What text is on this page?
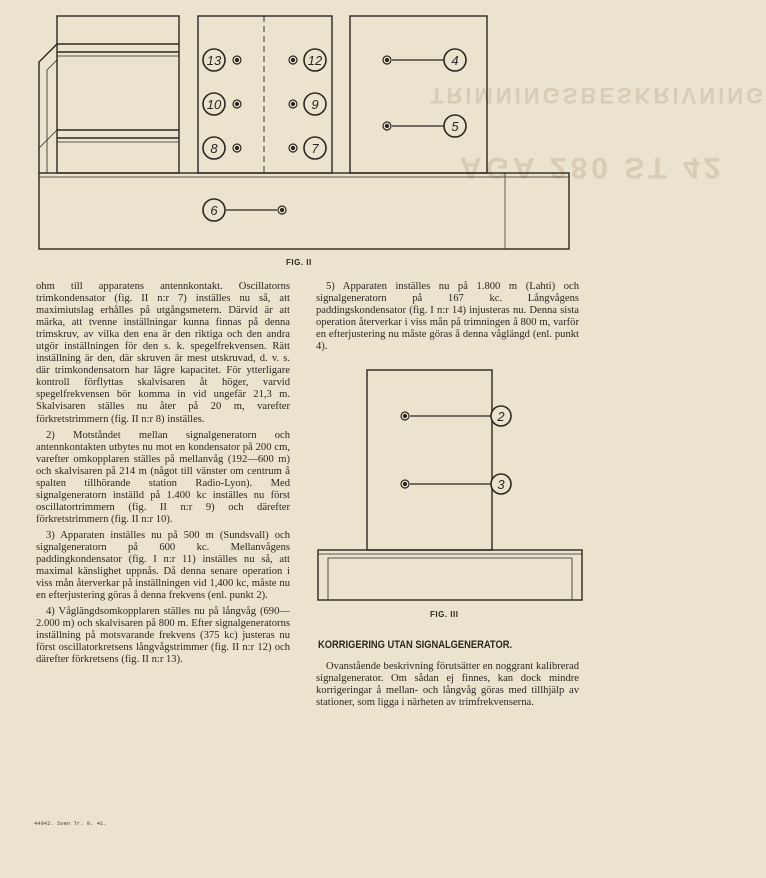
TRIMNINGSBESKRIVNING
AGA 280 ST 42
13	12	4
10	9
5
8	7
6
FIG. II

ohm till apparatens antennkontakt. Oscillatorns trimkondensator (fig. II n:r 7) inställes nu så, att maximiutslag erhålles på utgångsmetern. Därvid är att märka, att tvenne inställningar kunna finnas på denna trimskruv, av vilka den ena är den riktiga och den andra utgör inställningen för den s. k. spegelfrekvensen. Rätt inställning är den, där skruven är mest utskruvad, d. v. s. där trimkondensatorn har lägre kapacitet. För ytterligare kontroll förflyttas skalvisaren åt höger, varvid spegelfrekvensen bör komma in vid ungefär 21,3 m. Skalvisaren ställes nu åter på 20 m, varefter förkretstrimmern (fig. II n:r 8) inställes.

2) Motståndet mellan signalgeneratorn och antennkontakten utbytes nu mot en kondensator på 200 cm, varefter omkopplaren ställes på mellanvåg (192—600 m) och skalvisaren på 214 m (något till vänster om centrum å spalten tillhörande station Radio-Lyon). Med signalgeneratorn inställd på 1.400 kc inställes nu först oscillatortrimmern (fig. II n:r 9) och därefter förkretstrimmern (fig. II n:r 10).

3) Apparaten inställes nu på 500 m (Sundsvall) och signalgeneratorn på 600 kc. Mellanvågens paddingkondensator (fig. I n:r 11) inställes nu så, att maximal känslighet uppnås. Då denna senare operation i viss mån återverkar på inställningen vid 1,400 kc, måste nu en efterjustering göras å denna frekvens (enl. punkt 2).

4) Våglängdsomkopplaren ställes nu på långvåg (690—2.000 m) och skalvisaren på 800 m. Efter signalgeneratorns inställning på motsvarande frekvens (375 kc) justeras nu först oscillatorkretsens långvågstrimmer (fig. II n:r 12) och därefter förkretsens (fig. II n:r 13).

5) Apparaten inställes nu på 1.800 m (Lahti) och signalgeneratorn på 167 kc. Långvågens paddingskondensator (fig. I n:r 14) injusteras nu. Denna sista operation återverkar i viss mån på trimningen å 800 m, varför en efterjustering nu måste göras å denna våglängd (enl. punkt 4).

2
3
FIG. III
KORRIGERING UTAN SIGNALGENERATOR.

Ovanstående beskrivning förutsätter en noggrant kalibrerad signalgenerator. Om sådan ej finnes, kan dock mindre korrigeringar å mellan- och långvåg göras med tillhjälp av stationer, som ligga i närheten av trimfrekvenserna.

44942. Sven Tr. 9. 41.
